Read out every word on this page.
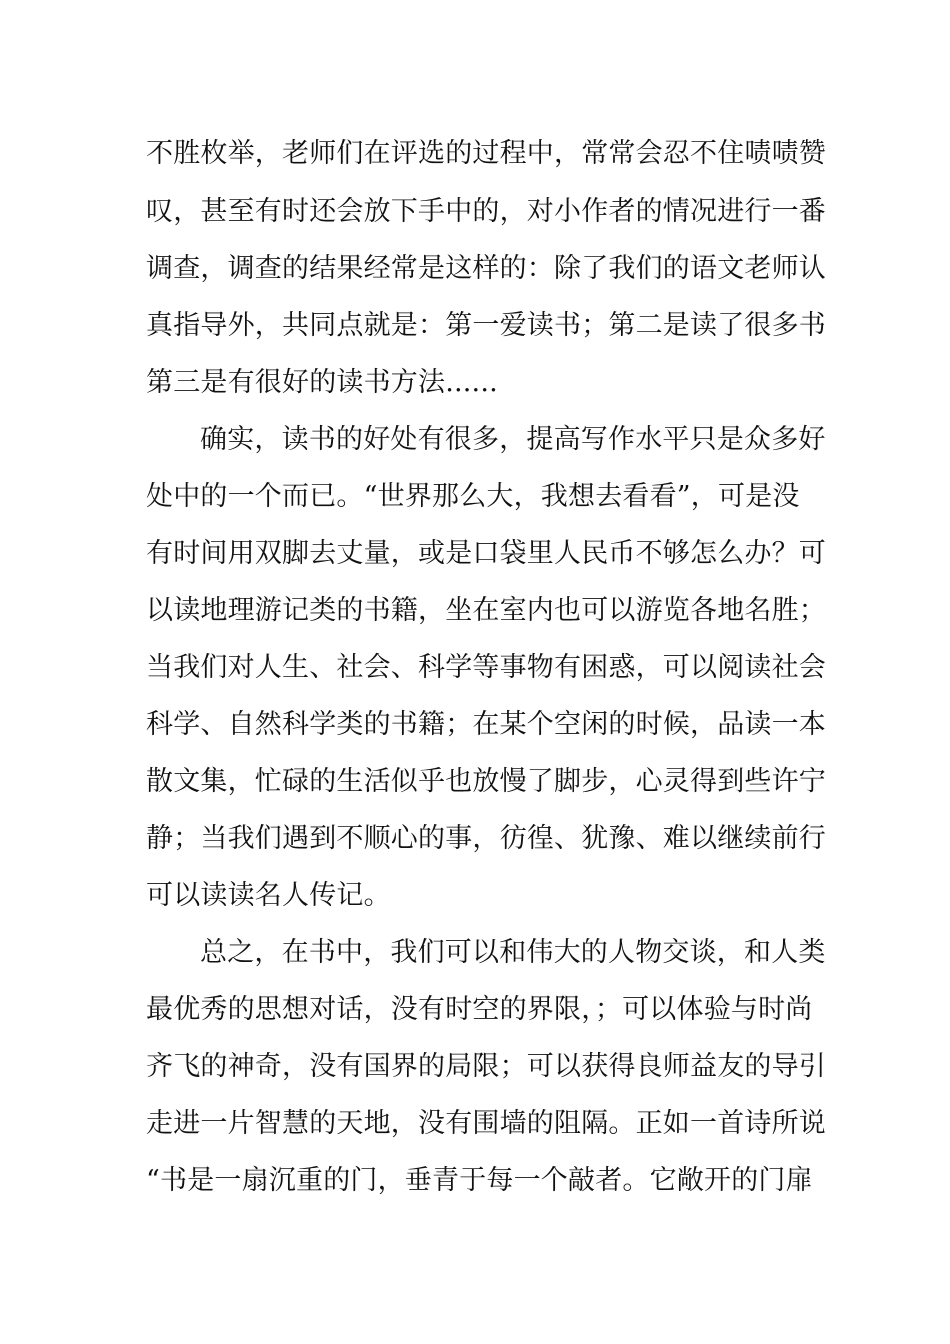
不胜枚举，老师们在评选的过程中，常常会忍不住啧啧赞
叹，甚至有时还会放下手中的，对小作者的情况进行一番
调查，调查的结果经常是这样的：除了我们的语文老师认
真指导外，共同点就是：第一爱读书；第二是读了很多书
第三是有很好的读书方法......
确实，读书的好处有很多，提高写作水平只是众多好
处中的一个而已。“世界那么大，我想去看看”，可是没
有时间用双脚去丈量，或是口袋里人民币不够怎么办？可
以读地理游记类的书籍，坐在室内也可以游览各地名胜；
当我们对人生、社会、科学等事物有困惑，可以阅读社会
科学、自然科学类的书籍；在某个空闲的时候，品读一本
散文集，忙碌的生活似乎也放慢了脚步，心灵得到些许宁
静；当我们遇到不顺心的事，彷徨、犹豫、难以继续前行
可以读读名人传记。
总之，在书中，我们可以和伟大的人物交谈，和人类
最优秀的思想对话，没有时空的界限，；可以体验与时尚
齐飞的神奇，没有国界的局限；可以获得良师益友的导引
走进一片智慧的天地，没有围墙的阻隔。正如一首诗所说
“书是一扇沉重的门，垂青于每一个敲者。它敞开的门扉
